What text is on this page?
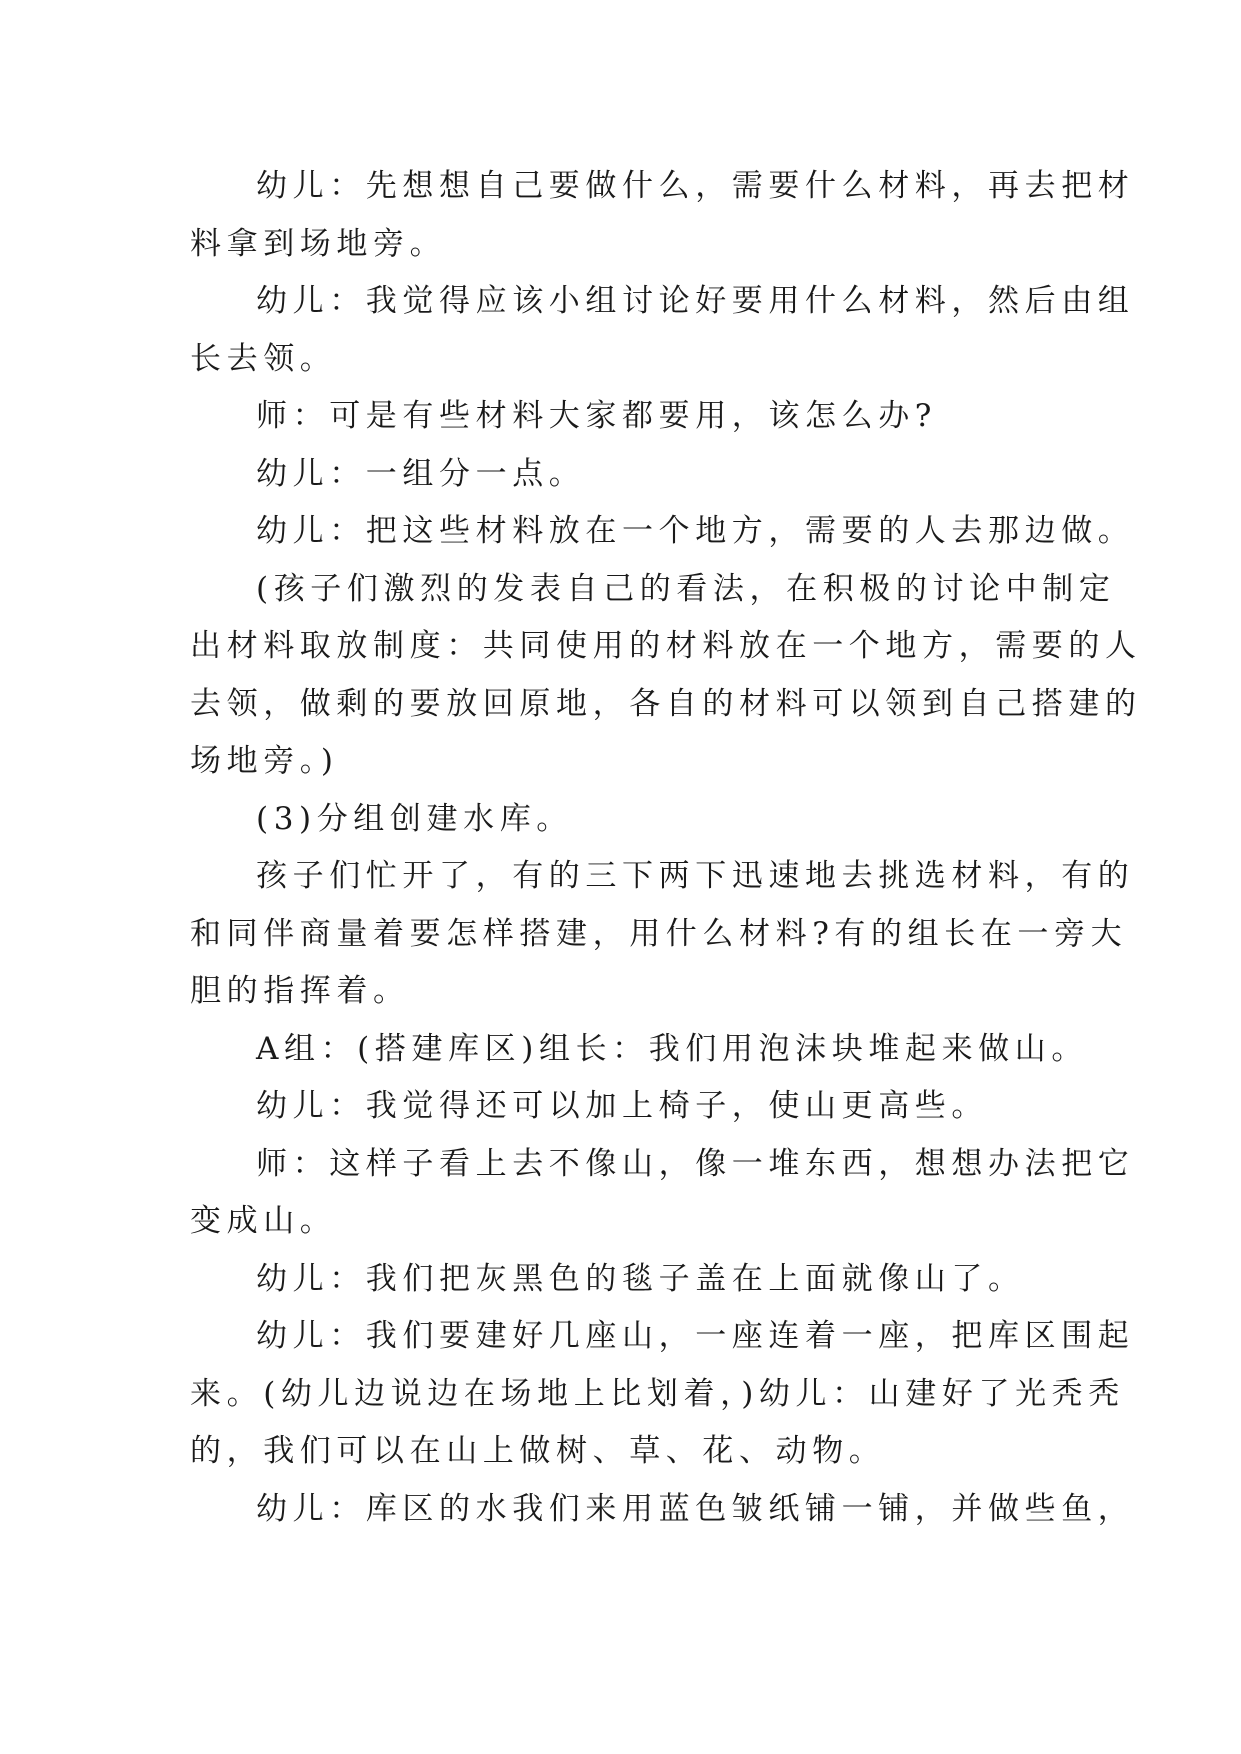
幼儿：先想想自己要做什么，需要什么材料，再去把材
料拿到场地旁。
幼儿：我觉得应该小组讨论好要用什么材料，然后由组
长去领。
师：可是有些材料大家都要用，该怎么办?
幼儿：一组分一点。
幼儿：把这些材料放在一个地方，需要的人去那边做。
(孩子们激烈的发表自己的看法，在积极的讨论中制定
出材料取放制度：共同使用的材料放在一个地方，需要的人
去领，做剩的要放回原地，各自的材料可以领到自己搭建的
场地旁。)
(3)分组创建水库。
孩子们忙开了，有的三下两下迅速地去挑选材料，有的
和同伴商量着要怎样搭建，用什么材料?有的组长在一旁大
胆的指挥着。
A组：(搭建库区)组长：我们用泡沫块堆起来做山。
幼儿：我觉得还可以加上椅子，使山更高些。
师：这样子看上去不像山，像一堆东西，想想办法把它
变成山。
幼儿：我们把灰黑色的毯子盖在上面就像山了。
幼儿：我们要建好几座山，一座连着一座，把库区围起
来。(幼儿边说边在场地上比划着，)幼儿：山建好了光秃秃
的，我们可以在山上做树、草、花、动物。
幼儿：库区的水我们来用蓝色皱纸铺一铺，并做些鱼，
